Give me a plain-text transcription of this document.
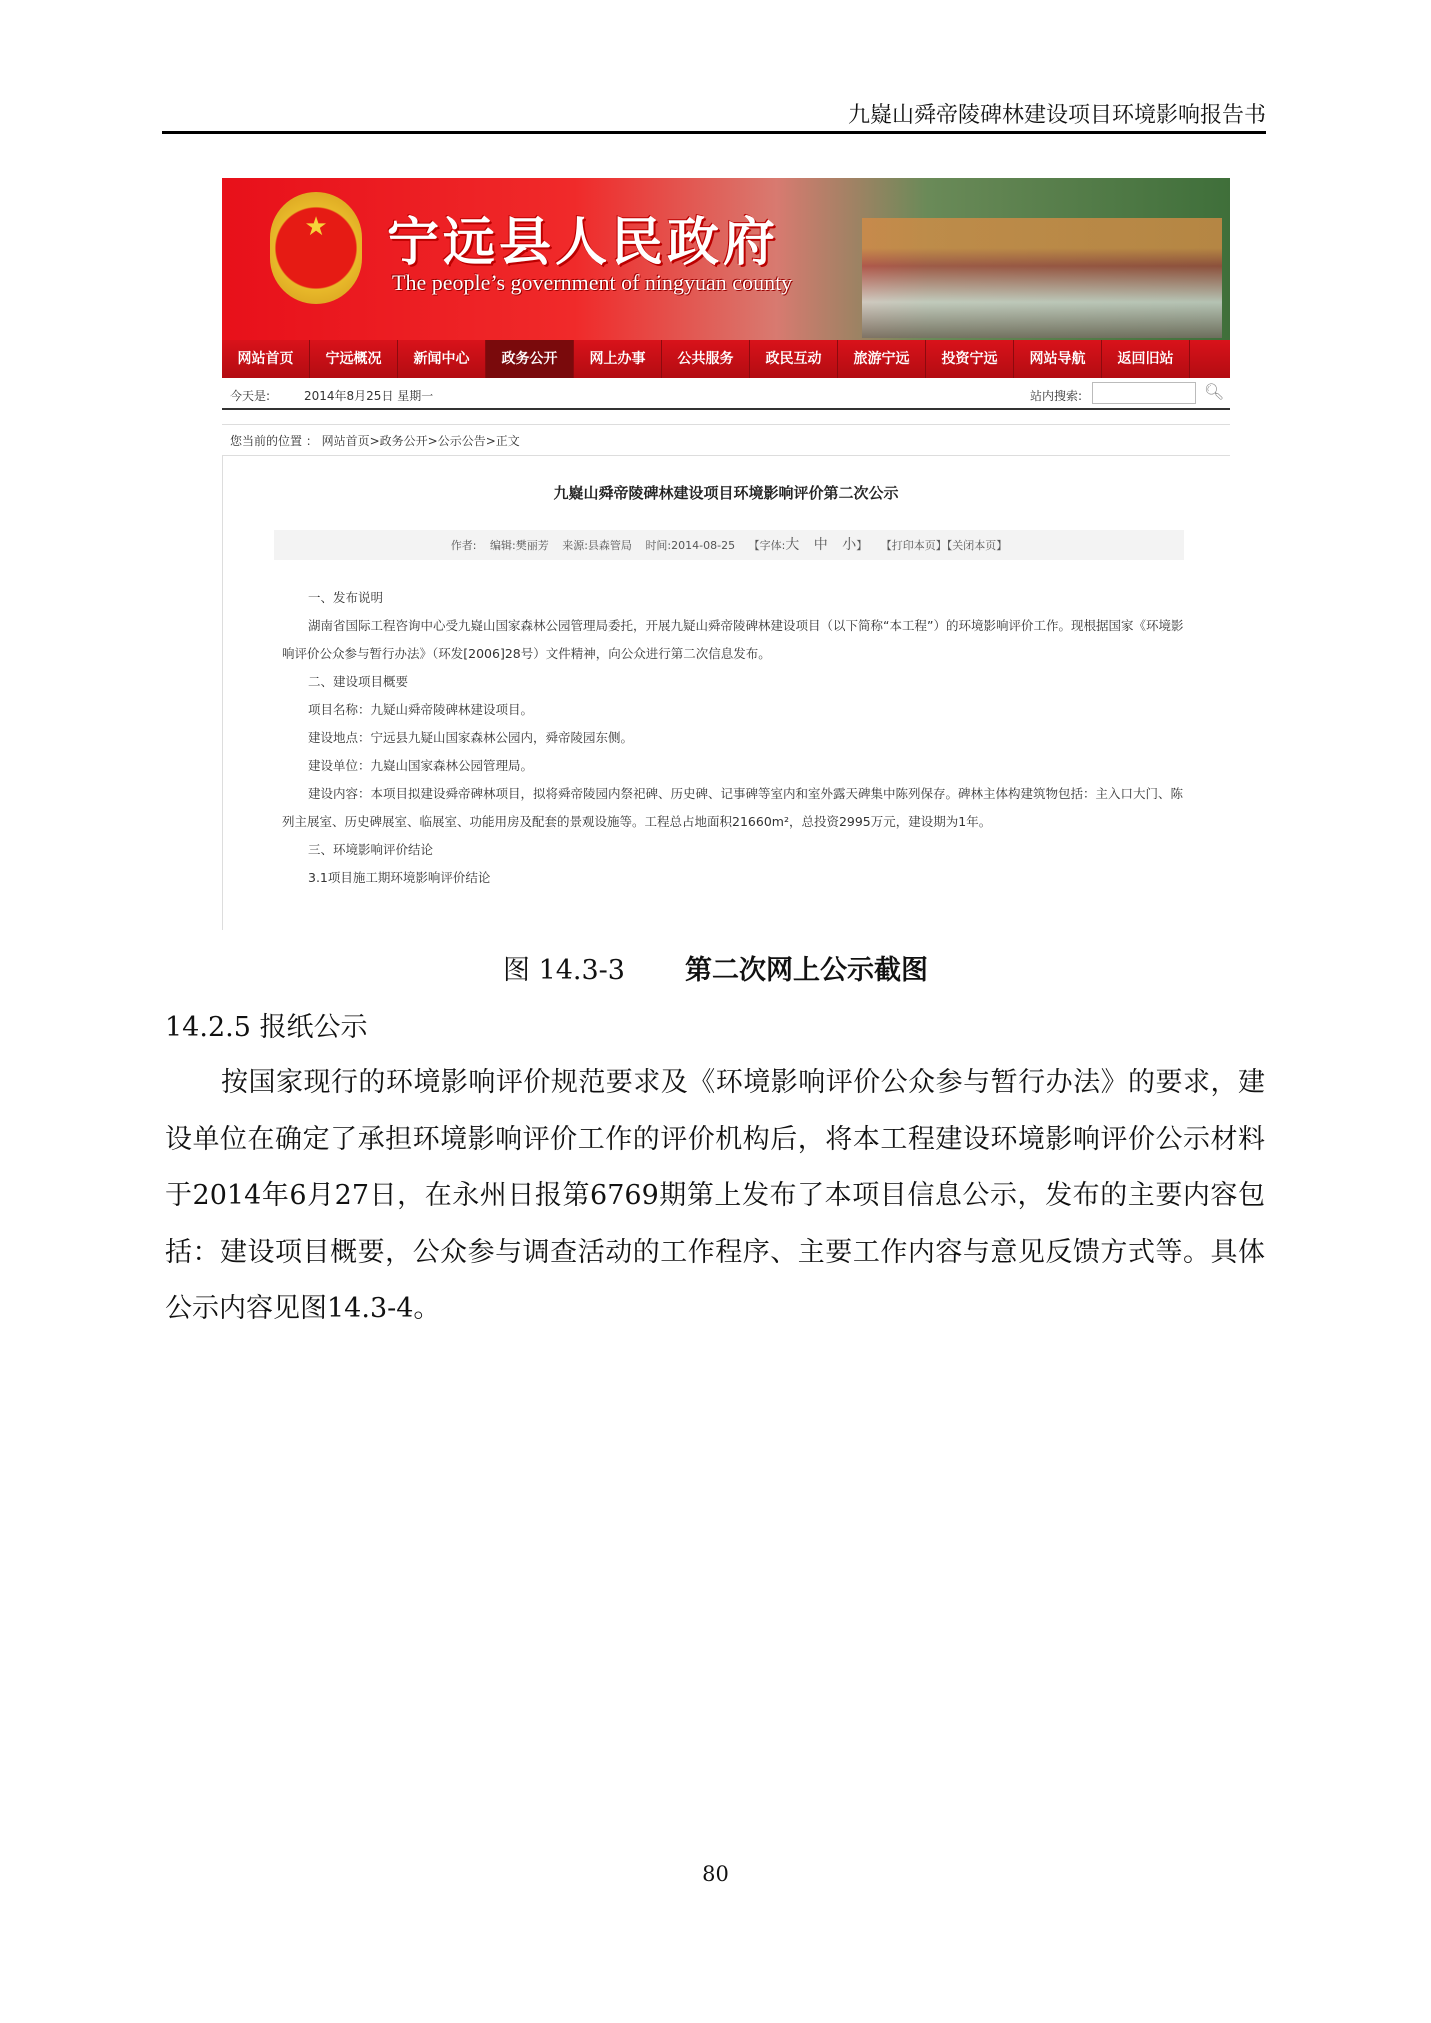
九嶷山舜帝陵碑林建设项目环境影响报告书
★	宁远县人民政府
The people’s government of ningyuan county
网站首页	宁远概况	新闻中心	政务公开	网上办事	公共服务	政民互动	旅游宁远	投资宁远	网站导航	返回旧站
今天是:	2014年8月25日 星期一	站内搜索:	🔍︎
您当前的位置 ： 网站首页>政务公开>公示公告>正文
九嶷山舜帝陵碑林建设项目环境影响评价第二次公示
作者: 编辑:樊丽芳 来源:县森管局 时间:2014-08-25 【字体:大 中 小】 【打印本页】【关闭本页】

一、发布说明

湖南省国际工程咨询中心受九嶷山国家森林公园管理局委托，开展九疑山舜帝陵碑林建设项目（以下简称“本工程”）的环境影响评价工作。现根据国家《环境影响评价公众参与暂行办法》（环发[2006]28号）文件精神，向公众进行第二次信息发布。

二、建设项目概要

项目名称：九疑山舜帝陵碑林建设项目。

建设地点：宁远县九疑山国家森林公园内，舜帝陵园东侧。

建设单位：九嶷山国家森林公园管理局。

建设内容：本项目拟建设舜帝碑林项目，拟将舜帝陵园内祭祀碑、历史碑、记事碑等室内和室外露天碑集中陈列保存。碑林主体构建筑物包括：主入口大门、陈列主展室、历史碑展室、临展室、功能用房及配套的景观设施等。工程总占地面积21660m²，总投资2995万元，建设期为1年。

三、环境影响评价结论

3.1项目施工期环境影响评价结论

图 14.3-3 第二次网上公示截图
14.2.5 报纸公示

按国家现行的环境影响评价规范要求及《环境影响评价公众参与暂行办法》的要求，建设单位在确定了承担环境影响评价工作的评价机构后，将本工程建设环境影响评价公示材料于2014年6月27日，在永州日报第6769期第上发布了本项目信息公示，发布的主要内容包括：建设项目概要，公众参与调查活动的工作程序、主要工作内容与意见反馈方式等。具体公示内容见图14.3-4。

80
